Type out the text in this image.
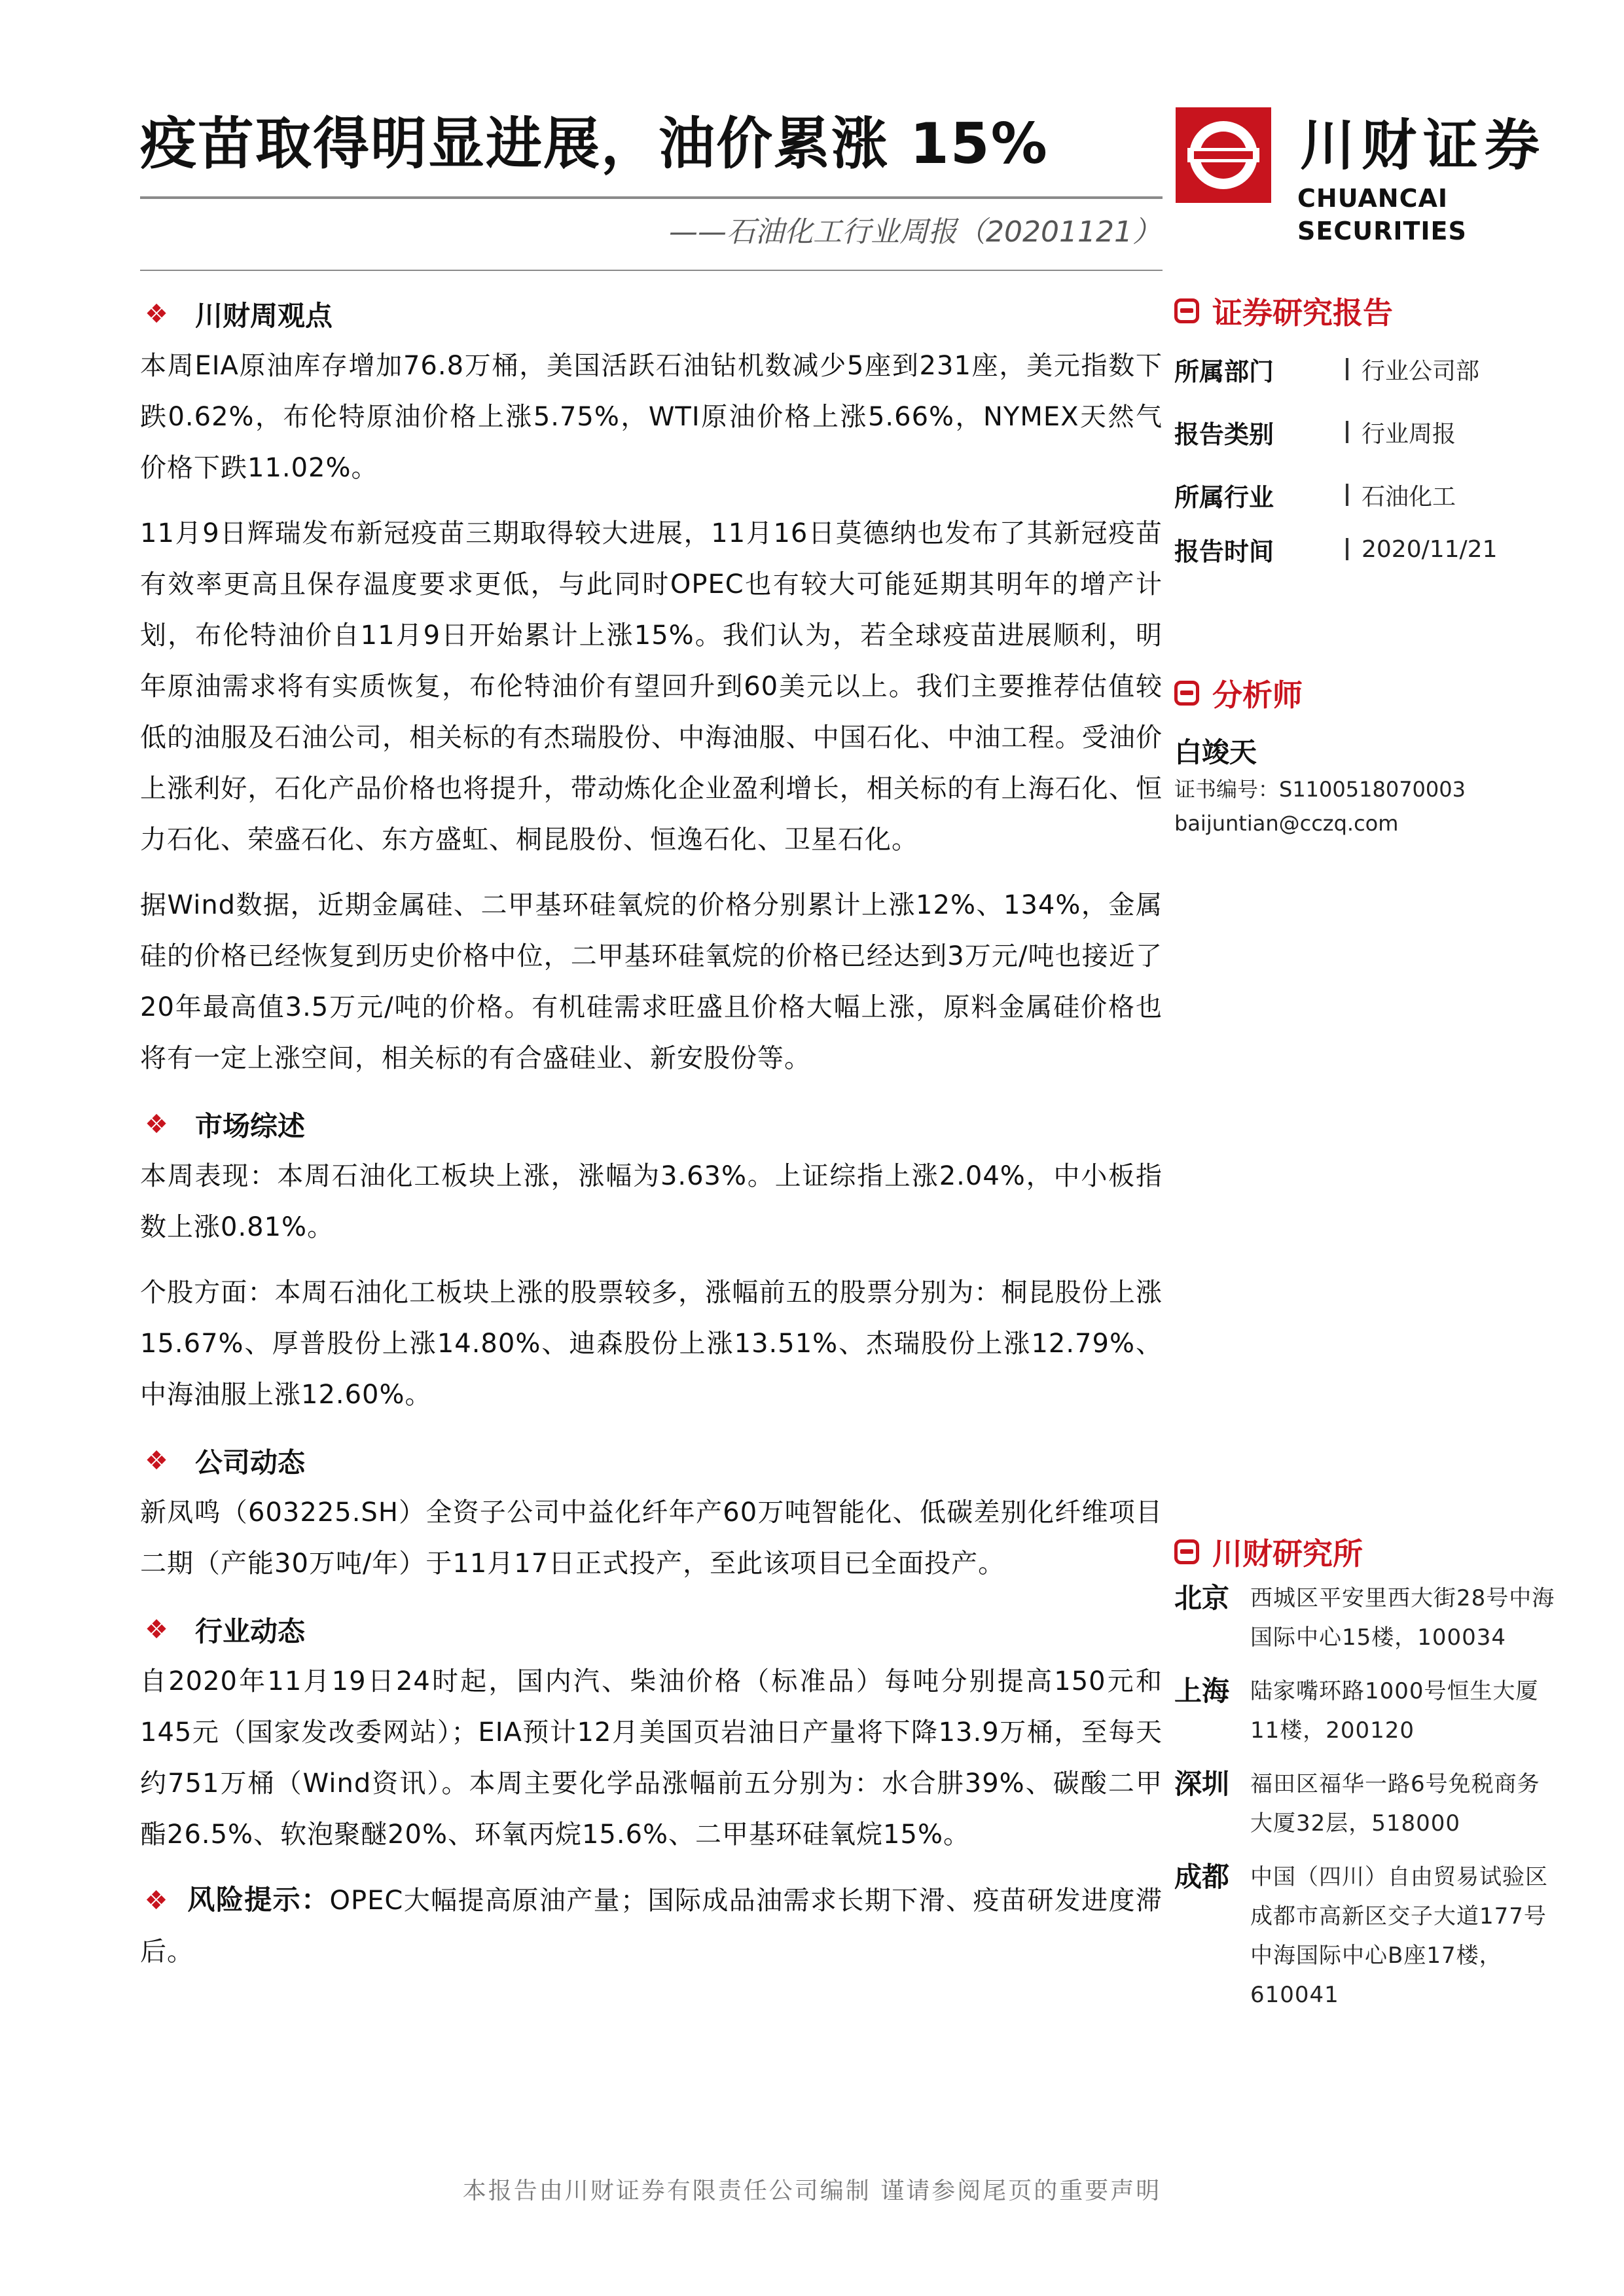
疫苗取得明显进展，油价累涨 15%
——石油化工行业周报（20201121）
川财证券
CHUANCAI SECURITIES
❖ 川财周观点

本周EIA原油库存增加76.8万桶，美国活跃石油钻机数减少5座到231座，美元指数下跌0.62%，布伦特原油价格上涨5.75%，WTI原油价格上涨5.66%，NYMEX天然气价格下跌11.02%。

11月9日辉瑞发布新冠疫苗三期取得较大进展，11月16日莫德纳也发布了其新冠疫苗有效率更高且保存温度要求更低，与此同时OPEC也有较大可能延期其明年的增产计划，布伦特油价自11月9日开始累计上涨15%。我们认为，若全球疫苗进展顺利，明年原油需求将有实质恢复，布伦特油价有望回升到60美元以上。我们主要推荐估值较低的油服及石油公司，相关标的有杰瑞股份、中海油服、中国石化、中油工程。受油价上涨利好，石化产品价格也将提升，带动炼化企业盈利增长，相关标的有上海石化、恒力石化、荣盛石化、东方盛虹、桐昆股份、恒逸石化、卫星石化。

据Wind数据，近期金属硅、二甲基环硅氧烷的价格分别累计上涨12%、134%，金属硅的价格已经恢复到历史价格中位，二甲基环硅氧烷的价格已经达到3万元/吨也接近了20年最高值3.5万元/吨的价格。有机硅需求旺盛且价格大幅上涨，原料金属硅价格也将有一定上涨空间，相关标的有合盛硅业、新安股份等。

❖ 市场综述

本周表现：本周石油化工板块上涨，涨幅为3.63%。上证综指上涨2.04%，中小板指数上涨0.81%。

个股方面：本周石油化工板块上涨的股票较多，涨幅前五的股票分别为：桐昆股份上涨15.67%、厚普股份上涨14.80%、迪森股份上涨13.51%、杰瑞股份上涨12.79%、中海油服上涨12.60%。

❖ 公司动态

新凤鸣（603225.SH）全资子公司中益化纤年产60万吨智能化、低碳差别化纤维项目二期（产能30万吨/年）于11月17日正式投产，至此该项目已全面投产。

❖ 行业动态

自2020年11月19日24时起，国内汽、柴油价格（标准品）每吨分别提高150元和145元（国家发改委网站）；EIA预计12月美国页岩油日产量将下降13.9万桶，至每天约751万桶（Wind资讯）。本周主要化学品涨幅前五分别为：水合肼39%、碳酸二甲酯26.5%、软泡聚醚20%、环氧丙烷15.6%、二甲基环硅氧烷15%。

❖ 风险提示：OPEC大幅提高原油产量；国际成品油需求长期下滑、疫苗研发进度滞后。

证券研究报告
所属部门	行业公司部
报告类别	行业周报
所属行业	石油化工
报告时间	2020/11/21
分析师
白竣天
证书编号：S1100518070003
baijuntian@cczq.com
川财研究所
北京 西城区平安里西大街28号中海国际中心15楼，100034
上海 陆家嘴环路1000号恒生大厦11楼，200120
深圳 福田区福华一路6号免税商务大厦32层，518000
成都 中国（四川）自由贸易试验区成都市高新区交子大道177号中海国际中心B座17楼，610041
本报告由川财证券有限责任公司编制 谨请参阅尾页的重要声明
